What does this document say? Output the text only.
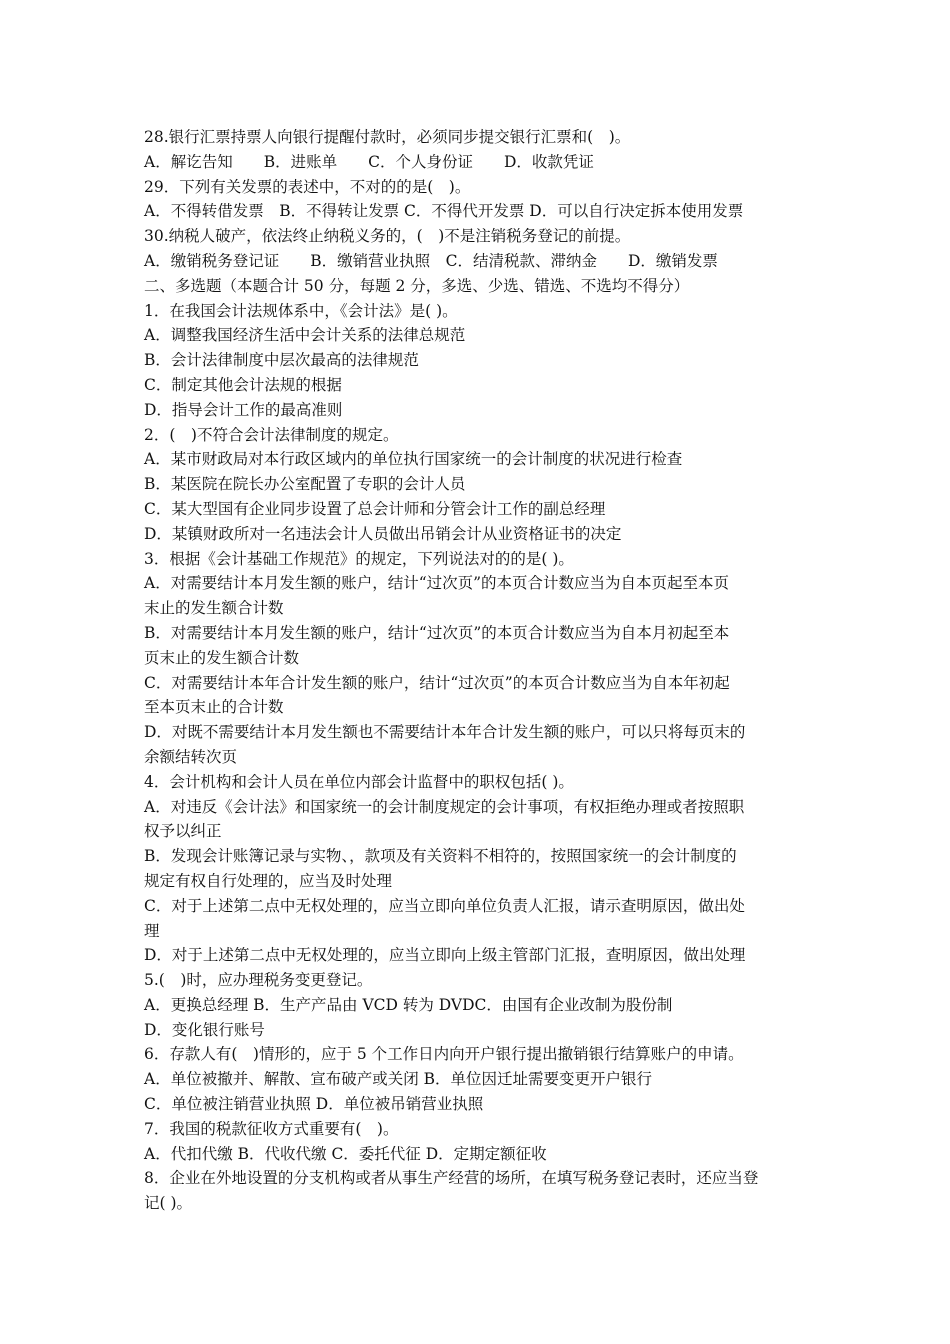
28.银行汇票持票人向银行提醒付款时，必须同步提交银行汇票和(　)。

A．解讫告知　　B．进账单　　C．个人身份证　　D．收款凭证

29．下列有关发票的表述中，不对的的是(　)。

A．不得转借发票　B．不得转让发票 C．不得代开发票 D．可以自行决定拆本使用发票

30.纳税人破产，依法终止纳税义务的，(　)不是注销税务登记的前提。

A．缴销税务登记证　　B．缴销营业执照　C．结清税款、滞纳金　　D．缴销发票

二、多选题（本题合计 50 分，每题 2 分，多选、少选、错选、不选均不得分）

1．在我国会计法规体系中，《会计法》是( )。

A．调整我国经济生活中会计关系的法律总规范

B．会计法律制度中层次最高的法律规范

C．制定其他会计法规的根据

D．指导会计工作的最高准则

2．(　)不符合会计法律制度的规定。

A．某市财政局对本行政区域内的单位执行国家统一的会计制度的状况进行检查

B．某医院在院长办公室配置了专职的会计人员

C．某大型国有企业同步设置了总会计师和分管会计工作的副总经理

D．某镇财政所对一名违法会计人员做出吊销会计从业资格证书的决定

3．根据《会计基础工作规范》的规定，下列说法对的的是( )。

A．对需要结计本月发生额的账户，结计“过次页”的本页合计数应当为自本页起至本页

末止的发生额合计数

B．对需要结计本月发生额的账户，结计“过次页”的本页合计数应当为自本月初起至本

页末止的发生额合计数

C．对需要结计本年合计发生额的账户，结计“过次页”的本页合计数应当为自本年初起

至本页末止的合计数

D．对既不需要结计本月发生额也不需要结计本年合计发生额的账户，可以只将每页末的

余额结转次页

4．会计机构和会计人员在单位内部会计监督中的职权包括( )。

A．对违反《会计法》和国家统一的会计制度规定的会计事项，有权拒绝办理或者按照职

权予以纠正

B．发现会计账簿记录与实物、，款项及有关资料不相符的，按照国家统一的会计制度的

规定有权自行处理的，应当及时处理

C．对于上述第二点中无权处理的，应当立即向单位负责人汇报，请示查明原因，做出处

理

D．对于上述第二点中无权处理的，应当立即向上级主管部门汇报，查明原因，做出处理

5.(　)时，应办理税务变更登记。

A．更换总经理 B．生产产品由 VCD 转为 DVDC．由国有企业改制为股份制

D．变化银行账号

6．存款人有(　)情形的，应于 5 个工作日内向开户银行提出撤销银行结算账户的申请。

A．单位被撤并、解散、宣布破产或关闭 B．单位因迁址需要变更开户银行

C．单位被注销营业执照 D．单位被吊销营业执照

7．我国的税款征收方式重要有(　)。

A．代扣代缴 B．代收代缴 C．委托代征 D．定期定额征收

8．企业在外地设置的分支机构或者从事生产经营的场所，在填写税务登记表时，还应当登

记( )。
